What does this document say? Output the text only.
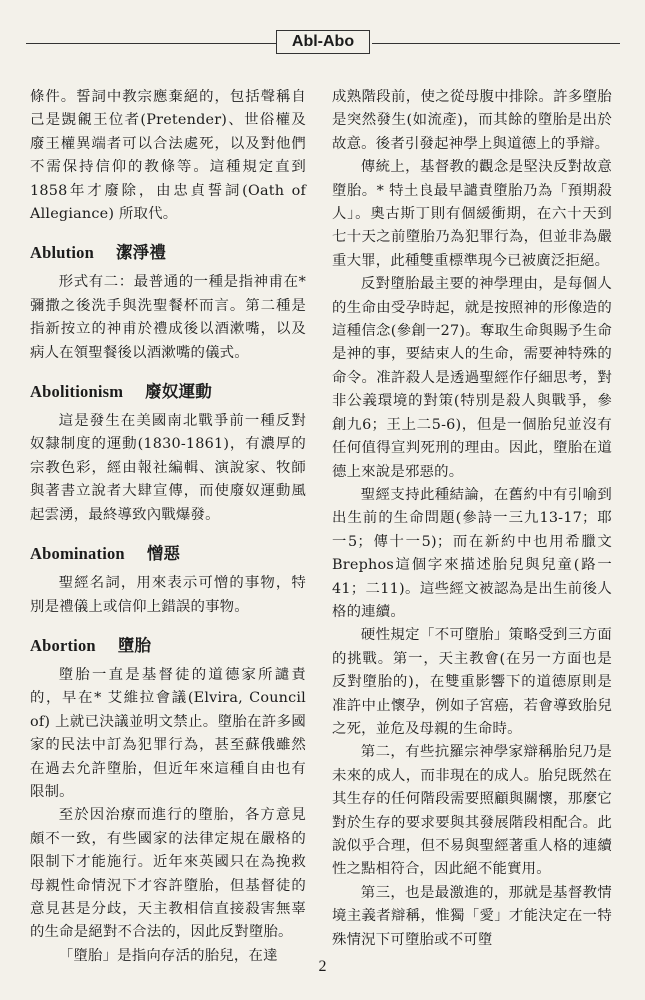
Abl-Abo

條件。誓詞中教宗應棄絕的，包括聲稱自己是覬覦王位者(Pretender)、世俗權及廢王權異端者可以合法處死，以及對他們不需保持信仰的教條等。這種規定直到1858年才廢除，由忠貞誓詞(Oath of Allegiance) 所取代。

Ablution 潔淨禮

形式有二：最普通的一種是指神甫在*彌撒之後洗手與洗聖餐杯而言。第二種是指新按立的神甫於禮成後以酒漱嘴，以及病人在領聖餐後以酒漱嘴的儀式。

Abolitionism 廢奴運動

這是發生在美國南北戰爭前一種反對奴隸制度的運動(1830-1861)，有濃厚的宗教色彩，經由報社編輯、演說家、牧師與著書立說者大肆宣傳，而使廢奴運動風起雲湧，最終導致內戰爆發。

Abomination 憎惡

聖經名詞，用來表示可憎的事物，特別是禮儀上或信仰上錯誤的事物。

Abortion 墮胎

墮胎一直是基督徒的道德家所譴責的，早在* 艾維拉會議(Elvira, Council of) 上就已決議並明文禁止。墮胎在許多國家的民法中訂為犯罪行為，甚至蘇俄雖然在過去允許墮胎，但近年來這種自由也有限制。

至於因治療而進行的墮胎，各方意見頗不一致，有些國家的法律定規在嚴格的限制下才能施行。近年來英國只在為挽救母親性命情況下才容許墮胎，但基督徒的意見甚是分歧，天主教相信直接殺害無辜的生命是絕對不合法的，因此反對墮胎。

「墮胎」是指向存活的胎兒，在達

成熟階段前，使之從母腹中排除。許多墮胎是突然發生(如流產)，而其餘的墮胎是出於故意。後者引發起神學上與道德上的爭辯。

傳統上，基督教的觀念是堅決反對故意墮胎。* 特土良最早譴責墮胎乃為「預期殺人」。奧古斯丁則有個緩衝期，在六十天到七十天之前墮胎乃為犯罪行為，但並非為嚴重大罪，此種雙重標準現今已被廣泛拒絕。

反對墮胎最主要的神學理由，是每個人的生命由受孕時起，就是按照神的形像造的這種信念(參創一27)。奪取生命與賜予生命是神的事，要結束人的生命，需要神特殊的命令。准許殺人是透過聖經作仔細思考，對非公義環境的對策(特別是殺人與戰爭，參創九6；王上二5-6)，但是一個胎兒並沒有任何值得宣判死刑的理由。因此，墮胎在道德上來說是邪惡的。

聖經支持此種結論，在舊約中有引喻到出生前的生命問題(參詩一三九13-17；耶一5；傳十一5)；而在新約中也用希臘文Brephos這個字來描述胎兒與兒童(路一41；二11)。這些經文被認為是出生前後人格的連續。

硬性規定「不可墮胎」策略受到三方面的挑戰。第一，天主教會(在另一方面也是反對墮胎的)，在雙重影響下的道德原則是准許中止懷孕，例如子宮癌，若會導致胎兒之死，並危及母親的生命時。

第二，有些抗羅宗神學家辯稱胎兒乃是未來的成人，而非現在的成人。胎兒既然在其生存的任何階段需要照顧與關懷，那麼它對於生存的要求要與其發展階段相配合。此說似乎合理，但不易與聖經著重人格的連續性之點相符合，因此絕不能實用。

第三，也是最激進的，那就是基督教情境主義者辯稱，惟獨「愛」才能決定在一特殊情況下可墮胎或不可墮

2
